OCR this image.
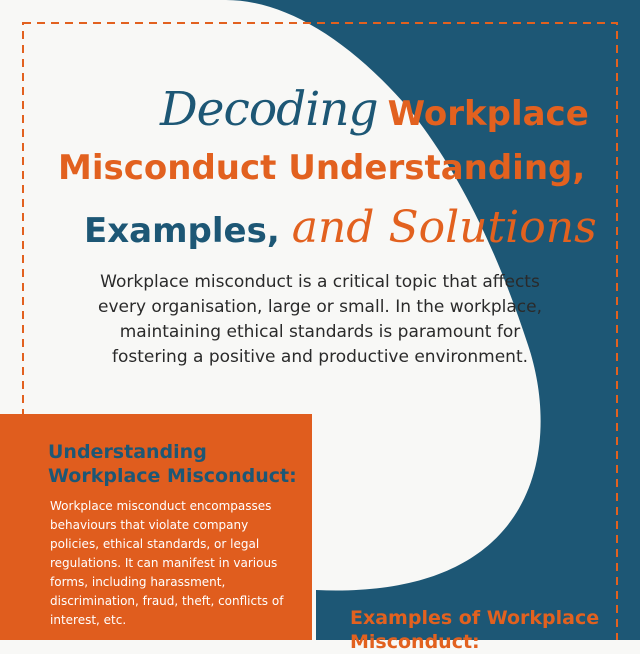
Decoding Workplace
Misconduct Understanding,
Examples, and Solutions
Workplace misconduct is a critical topic that affects
every organisation, large or small. In the workplace,
maintaining ethical standards is paramount for
fostering a positive and productive environment.
Understanding
Workplace Misconduct:
Workplace misconduct encompasses
behaviours that violate company
policies, ethical standards, or legal
regulations. It can manifest in various
forms, including harassment,
discrimination, fraud, theft, conflicts of
interest, etc.	Examples of Workplace
Misconduct:
